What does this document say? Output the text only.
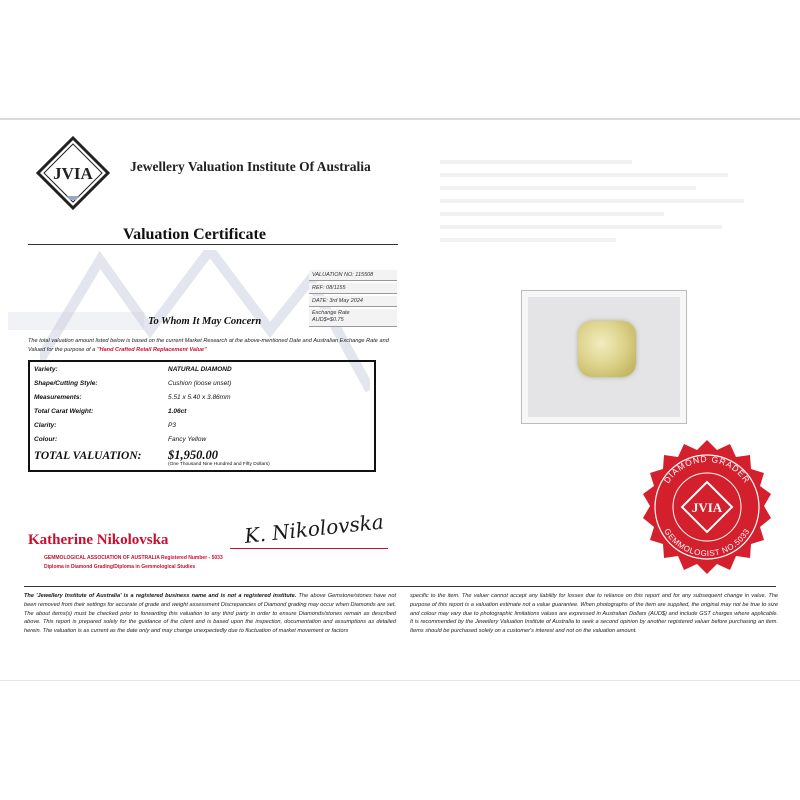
JVIA	Jewellery Valuation Institute Of Australia
Valuation Certificate
VALUATION NO: 115508
REF: 08/1155
DATE: 3rd May 2024
Exchange Rate
AUD$=$0.75
To Whom It May Concern
The total valuation amount listed below is based on the current Market Research at the above-mentioned Date and Australian Exchange Rate and Valued for the purpose of a "Hand Crafted Retail Replacement Value"
Variety:	NATURAL DIAMOND
Shape/Cutting Style:	Cushion (loose unset)
Measurements:	5.51 x 5.40 x 3.86mm
Total Carat Weight:	1.06ct
Clarity:	P3
Colour:	Fancy Yellow
TOTAL VALUATION: $1,950.00
(One Thousand Nine Hundred and Fifty Dollars)
Katherine Nikolovska	K. Nikolovska
GEMMOLOGICAL ASSOCIATION OF AUSTRALIA Registered Number - 5033
Diploma in Diamond Grading/Diploma in Gemmological Studies
DIAMOND GRADER
GEMMOLOGIST NO.5033
JVIA
The 'Jewellery Institute of Australia' is a registered business name and is not a registered institute. The above Gemstone/stones have not been removed from their settings for accurate of grade and weight assessment Discrepancies of Diamond grading may occur when Diamonds are set. The about items(s) must be checked prior to forwarding this valuation to any third party in order to ensure Diamonds/stones remain as described above. This report is prepared solely for the guidance of the client and is based upon the inspection, documentation and assumptions as detailed herein. The valuation is as current as the date only and may change unexpectedly due to fluctuation of market movement or factors
specific to the item. The valuer cannot accept any liability for losses due to reliance on this report and for any subsequent change in value. The purpose of this report is a valuation estimate not a value guarantee. When photographs of the item are supplied, the original may not be true to size and colour may vary due to photographic limitations values are expressed in Australian Dollars (AUD$) and include GST charges where applicable. It is recommended by the Jewellery Valuation Institute of Australia to seek a second opinion by another registered valuer before purchasing an item. Items should be purchased solely on a customer's interest and not on the valuation amount.
